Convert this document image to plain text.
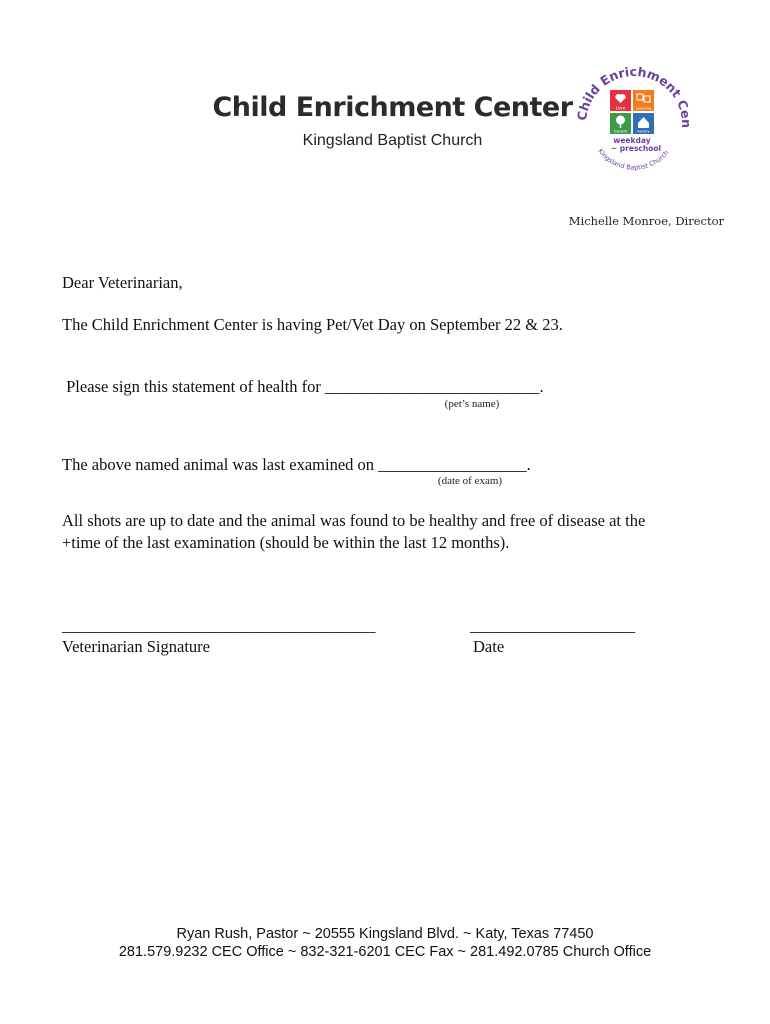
Child Enrichment Center
Kingsland Baptist Church
Child Enrichment Cen
Kingsland Baptist Church
Love	Learning
Growth	Family
weekday
~ preschool
Michelle Monroe, Director
Dear Veterinarian,
The Child Enrichment Center is having Pet/Vet Day on September 22 & 23.
Please sign this statement of health for __________________________.
(pet’s name)
The above named animal was last examined on __________________.
(date of exam)
All shots are up to date and the animal was found to be healthy and free of disease at the
+time of the last examination (should be within the last 12 months).
______________________________________
Veterinarian Signature
____________________
Date
Ryan Rush, Pastor ~ 20555 Kingsland Blvd. ~ Katy, Texas 77450
281.579.9232 CEC Office ~ 832-321-6201 CEC Fax ~ 281.492.0785 Church Office
